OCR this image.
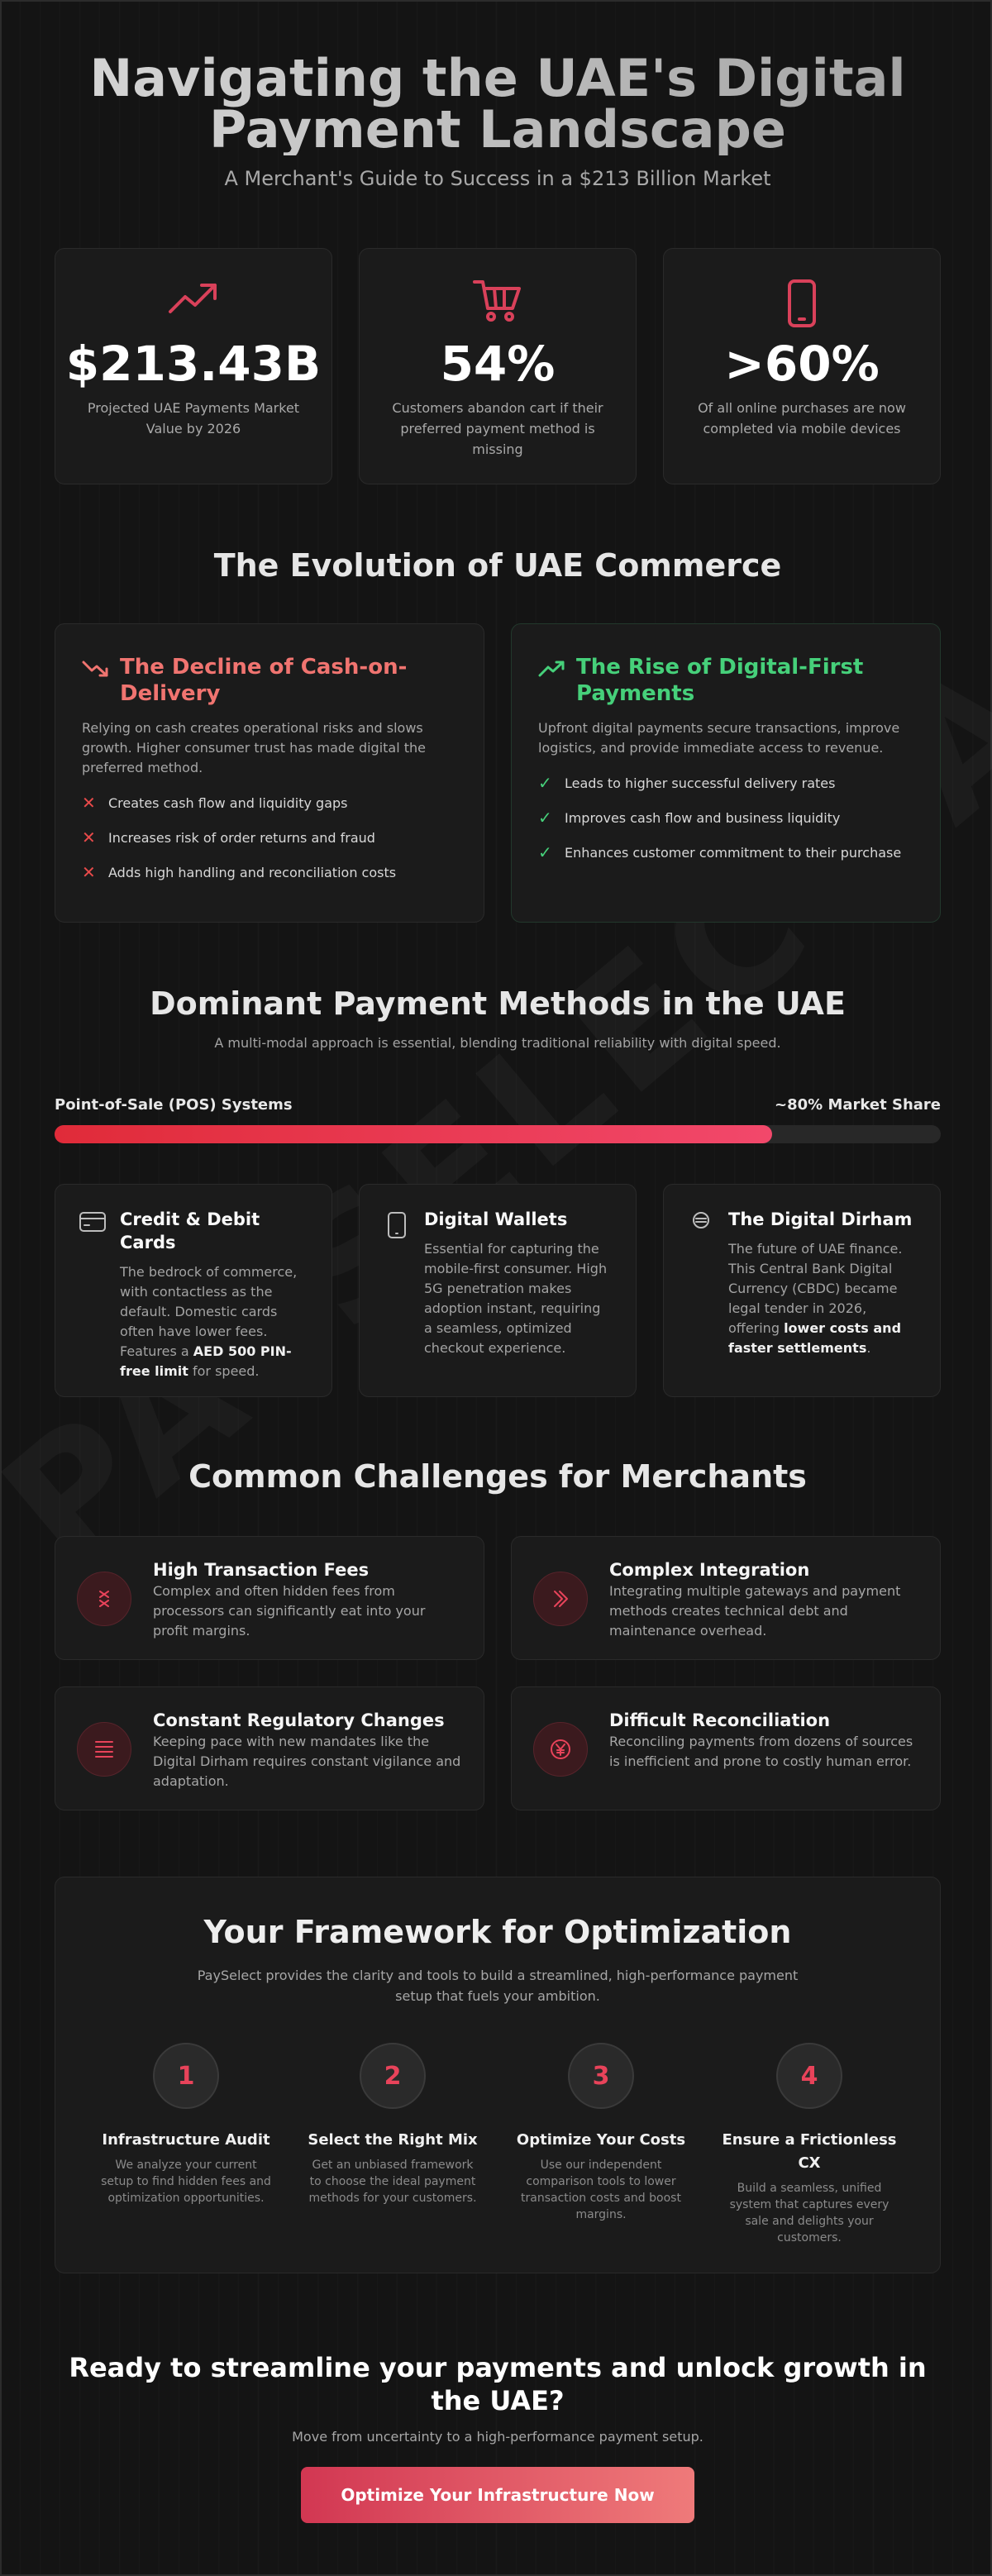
Navigating the UAE's Digital
Payment Landscape
A Merchant's Guide to Success in a $213 Billion Market
$213.43B
Projected UAE Payments Market Value by 2026
54%
Customers abandon cart if their preferred payment method is missing
>60%
Of all online purchases are now completed via mobile devices
The Evolution of UAE Commerce
The Decline of Cash-on-Delivery
Relying on cash creates operational risks and slows growth. Higher consumer trust has made digital the preferred method.
✕ Creates cash flow and liquidity gaps
✕ Increases risk of order returns and fraud
✕ Adds high handling and reconciliation costs
The Rise of Digital-First Payments
Upfront digital payments secure transactions, improve logistics, and provide immediate access to revenue.
✓ Leads to higher successful delivery rates
✓ Improves cash flow and business liquidity
✓ Enhances customer commitment to their purchase
Dominant Payment Methods in the UAE
A multi-modal approach is essential, blending traditional reliability with digital speed.
Point-of-Sale (POS) Systems	~80% Market Share
Credit & Debit Cards
The bedrock of commerce, with contactless as the default. Domestic cards often have lower fees. Features a AED 500 PIN-free limit for speed.
Digital Wallets
Essential for capturing the mobile-first consumer. High 5G penetration makes adoption instant, requiring a seamless, optimized checkout experience.
The Digital Dirham
The future of UAE finance. This Central Bank Digital Currency (CBDC) became legal tender in 2026, offering lower costs and faster settlements.
Common Challenges for Merchants
High Transaction Fees
Complex and often hidden fees from processors can significantly eat into your profit margins.
Complex Integration
Integrating multiple gateways and payment methods creates technical debt and maintenance overhead.
Constant Regulatory Changes
Keeping pace with new mandates like the Digital Dirham requires constant vigilance and adaptation.
Difficult Reconciliation
Reconciling payments from dozens of sources is inefficient and prone to costly human error.
Your Framework for Optimization
PaySelect provides the clarity and tools to build a streamlined, high-performance payment setup that fuels your ambition.
1
Infrastructure Audit
We analyze your current setup to find hidden fees and optimization opportunities.
2
Select the Right Mix
Get an unbiased framework to choose the ideal payment methods for your customers.
3
Optimize Your Costs
Use our independent comparison tools to lower transaction costs and boost margins.
4
Ensure a Frictionless CX
Build a seamless, unified system that captures every sale and delights your customers.
Ready to streamline your payments and unlock growth in the UAE?
Move from uncertainty to a high-performance payment setup.
Optimize Your Infrastructure Now
